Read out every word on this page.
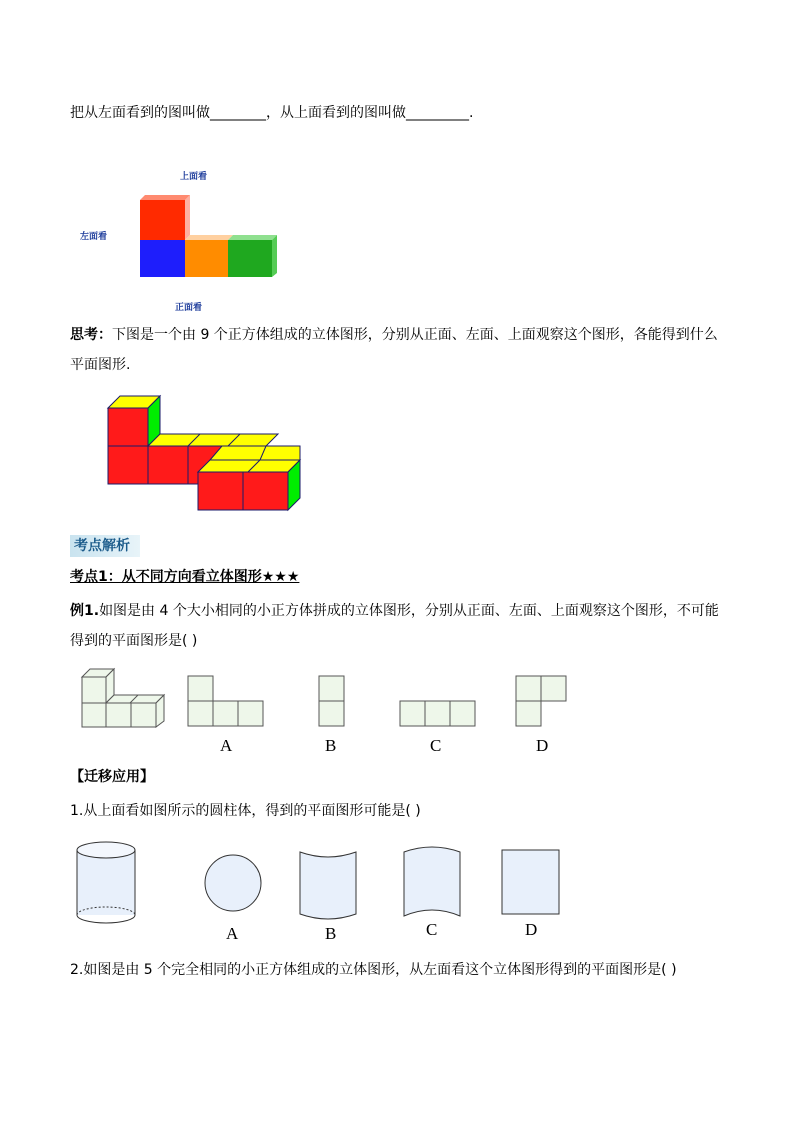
把从左面看到的图叫做________，从上面看到的图叫做_________.
上面看
左面看
正面看
思考：下图是一个由 9 个正方体组成的立体图形，分别从正面、左面、上面观察这个图形，各能得到什么
平面图形.
考点解析
考点1：从不同方向看立体图形★★★
例1.如图是由 4 个大小相同的小正方体拼成的立体图形，分别从正面、左面、上面观察这个图形，不可能
得到的平面图形是( )
A	B	C	D
【迁移应用】
1.从上面看如图所示的圆柱体，得到的平面图形可能是( )
A	B	C	D
2.如图是由 5 个完全相同的小正方体组成的立体图形，从左面看这个立体图形得到的平面图形是( )
